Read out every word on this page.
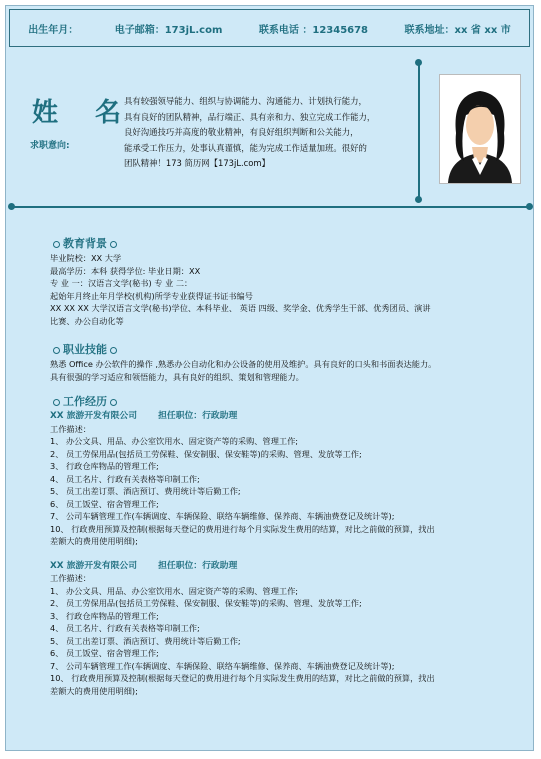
出生年月：	电子邮箱：173jL.com	联系电话 ：12345678	联系地址：xx 省 xx 市
姓 名
求职意向:
具有较强领导能力、组织与协调能力、沟通能力、计划执行能力，
具有良好的团队精神，品行端正、具有亲和力、独立完成工作能力，
良好沟通技巧并高度的敬业精神，有良好组织判断和公关能力，
能承受工作压力，处事认真谨慎，能为完成工作适量加班。很好的
团队精神！173 简历网【173jL.com】
教育背景
毕业院校：XX 大学
最高学历：本科 获得学位: 毕业日期：XX
专 业 一：汉语言文学(秘书) 专 业 二：
起始年月终止年月学校(机构)所学专业获得证书证书编号
XX XX XX 大学汉语言文学(秘书)学位、本科毕业、 英语 四级、奖学金、优秀学生干部、优秀团员、演讲
比赛、办公自动化等
职业技能
熟悉 Office 办公软件的操作 ,熟悉办公自动化和办公设备的使用及维护。具有良好的口头和书面表达能力。
具有很强的学习适应和领悟能力，具有良好的组织、策划和管理能力。
工作经历
XX 旅游开发有限公司 担任职位：行政助理
工作描述：
1、 办公文具、用品、办公室饮用水、固定资产等的采购、管理工作;
2、 员工劳保用品(包括员工劳保鞋、保安制服、保安鞋等)的采购、管理、发放等工作;
3、 行政仓库物品的管理工作;
4、 员工名片、行政有关表格等印制工作;
5、 员工出差订票、酒店预订、费用统计等后勤工作;
6、 员工饭堂、宿舍管理工作;
7、 公司车辆管理工作(车辆调度、车辆保险、联络车辆维修、保养商、车辆油费登记及统计等);
10、 行政费用预算及控制(根据每天登记的费用进行每个月实际发生费用的结算，对比之前做的预算，找出
差额大的费用使用明细);
XX 旅游开发有限公司 担任职位：行政助理
工作描述：
1、 办公文具、用品、办公室饮用水、固定资产等的采购、管理工作;
2、 员工劳保用品(包括员工劳保鞋、保安制服、保安鞋等)的采购、管理、发放等工作;
3、 行政仓库物品的管理工作;
4、 员工名片、行政有关表格等印制工作;
5、 员工出差订票、酒店预订、费用统计等后勤工作;
6、 员工饭堂、宿舍管理工作;
7、 公司车辆管理工作(车辆调度、车辆保险、联络车辆维修、保养商、车辆油费登记及统计等);
10、 行政费用预算及控制(根据每天登记的费用进行每个月实际发生费用的结算，对比之前做的预算，找出
差额大的费用使用明细);
